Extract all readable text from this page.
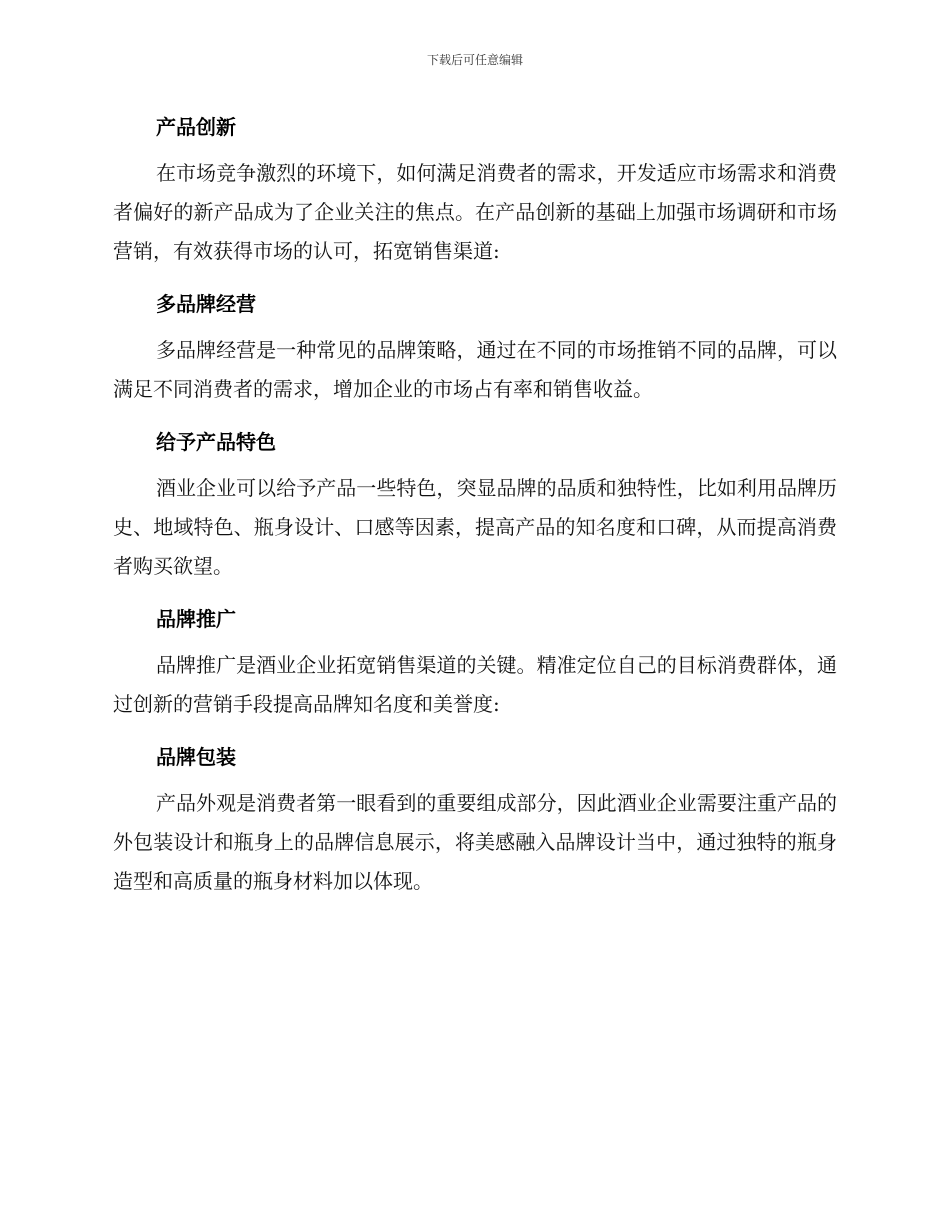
下载后可任意编辑
产品创新

在市场竞争激烈的环境下，如何满足消费者的需求，开发适应市场需求和消费者偏好的新产品成为了企业关注的焦点。在产品创新的基础上加强市场调研和市场营销，有效获得市场的认可，拓宽销售渠道:

多品牌经营

多品牌经营是一种常见的品牌策略，通过在不同的市场推销不同的品牌，可以满足不同消费者的需求，增加企业的市场占有率和销售收益。

给予产品特色

酒业企业可以给予产品一些特色，突显品牌的品质和独特性，比如利用品牌历史、地域特色、瓶身设计、口感等因素，提高产品的知名度和口碑，从而提高消费者购买欲望。

品牌推广

品牌推广是酒业企业拓宽销售渠道的关键。精准定位自己的目标消费群体，通过创新的营销手段提高品牌知名度和美誉度:

品牌包装

产品外观是消费者第一眼看到的重要组成部分，因此酒业企业需要注重产品的外包装设计和瓶身上的品牌信息展示，将美感融入品牌设计当中，通过独特的瓶身造型和高质量的瓶身材料加以体现。
